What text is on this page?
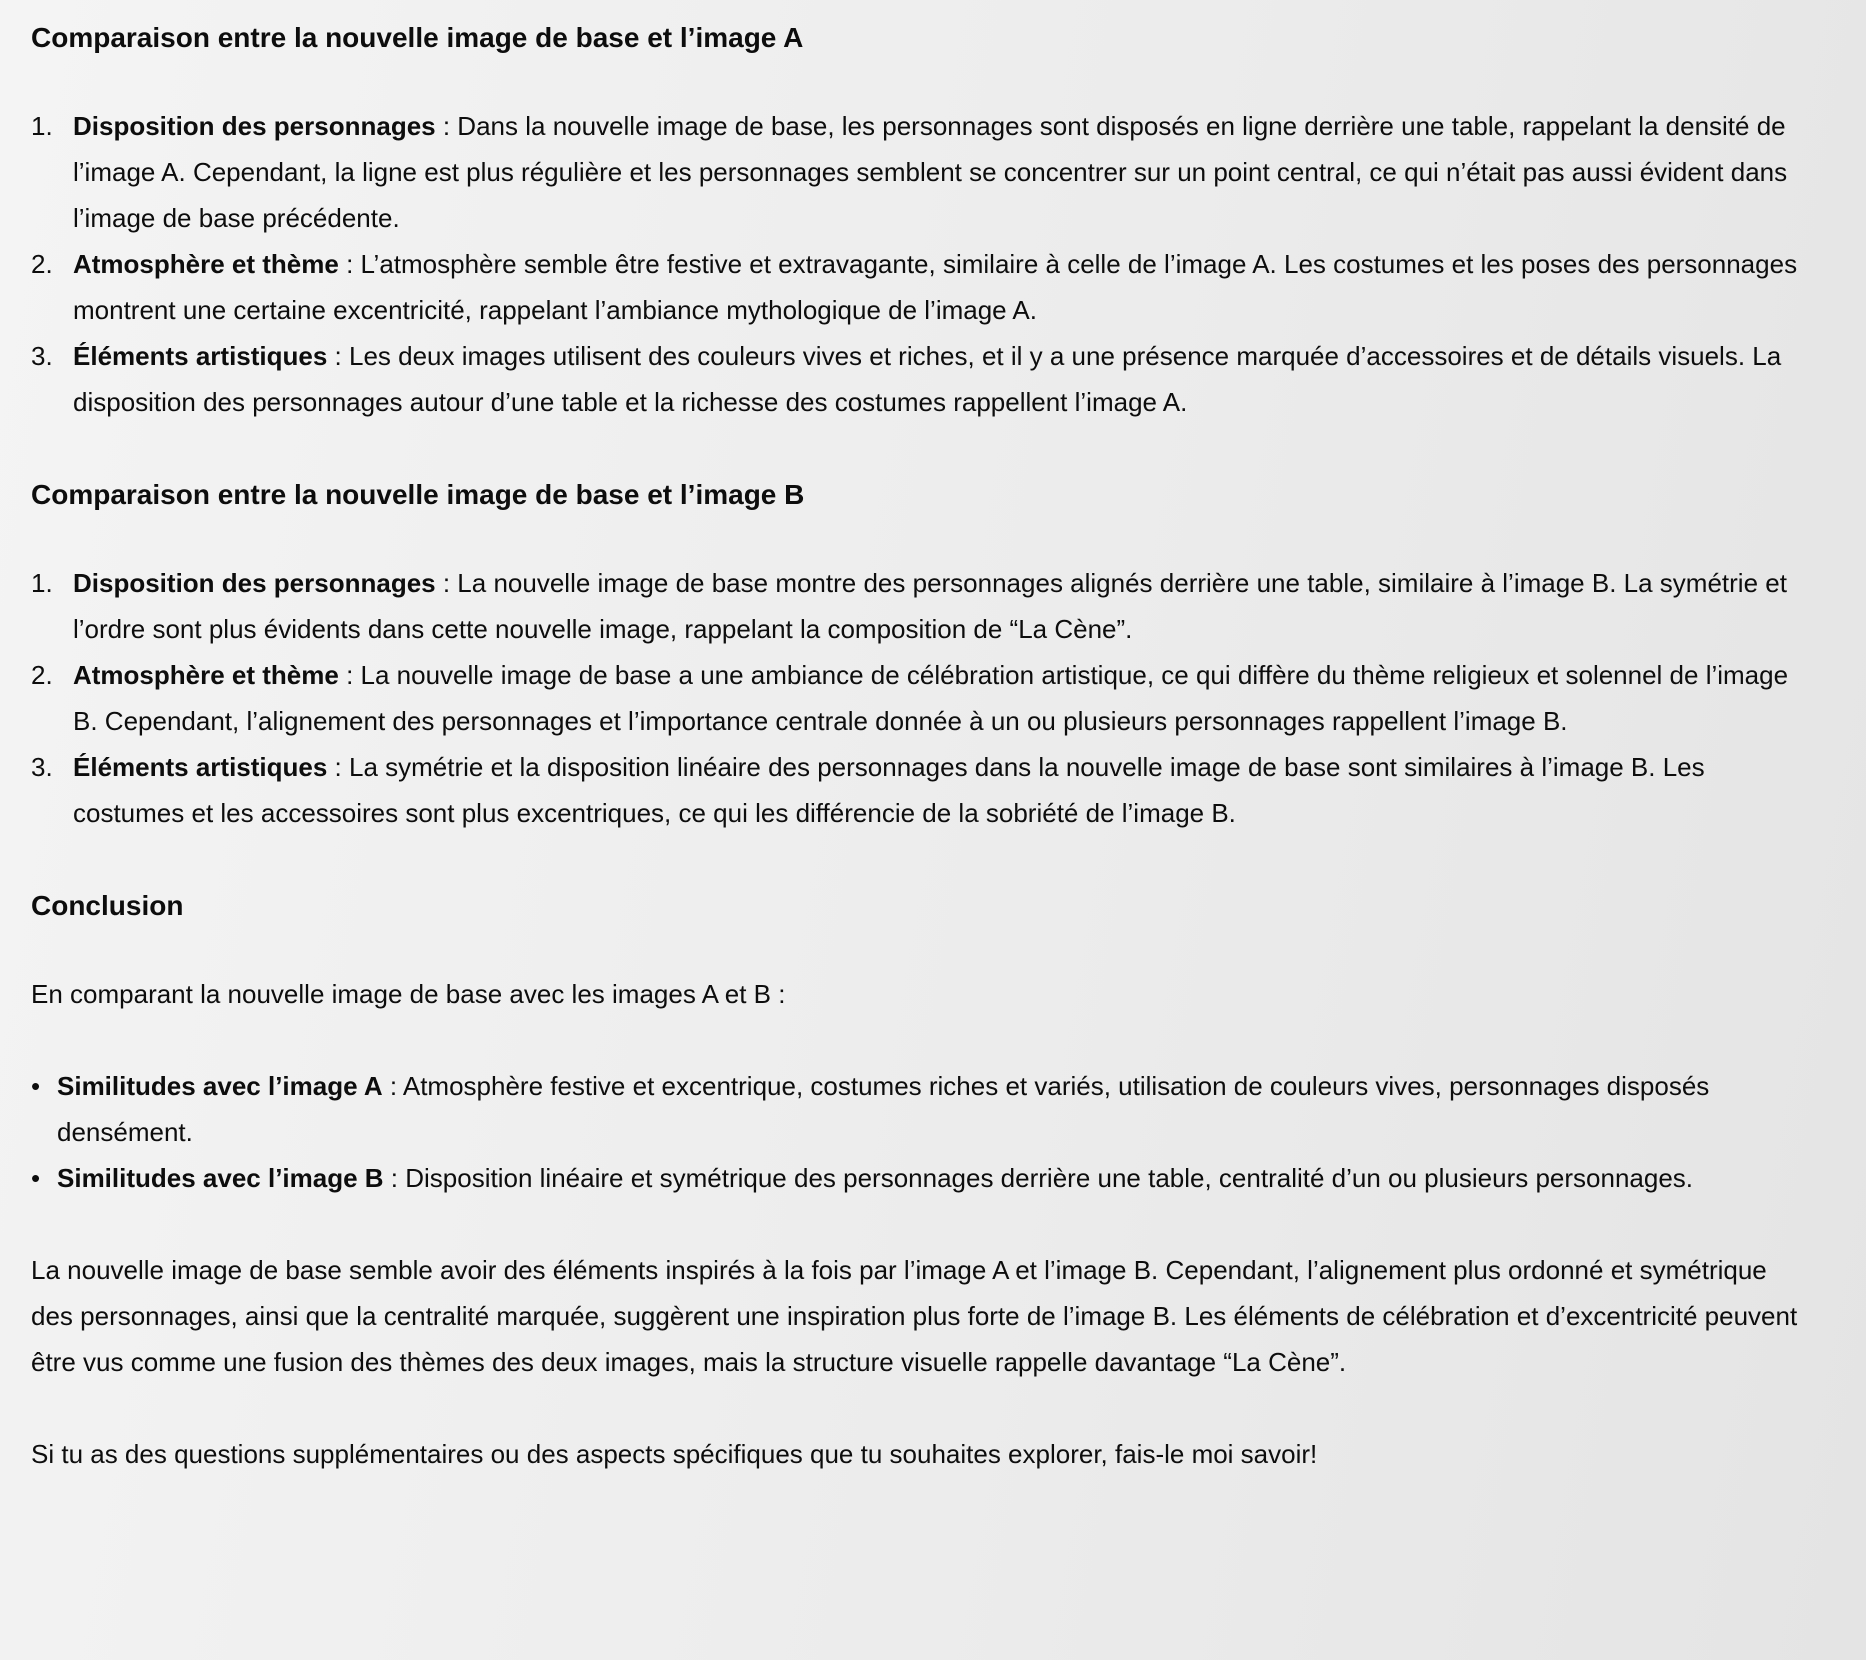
Comparaison entre la nouvelle image de base et l’image A
1. Disposition des personnages : Dans la nouvelle image de base, les personnages sont disposés en ligne derrière une table, rappelant la densité de l’image A. Cependant, la ligne est plus régulière et les personnages semblent se concentrer sur un point central, ce qui n’était pas aussi évident dans l’image de base précédente.
2. Atmosphère et thème : L’atmosphère semble être festive et extravagante, similaire à celle de l’image A. Les costumes et les poses des personnages montrent une certaine excentricité, rappelant l’ambiance mythologique de l’image A.
3. Éléments artistiques : Les deux images utilisent des couleurs vives et riches, et il y a une présence marquée d’accessoires et de détails visuels. La disposition des personnages autour d’une table et la richesse des costumes rappellent l’image A.
Comparaison entre la nouvelle image de base et l’image B
1. Disposition des personnages : La nouvelle image de base montre des personnages alignés derrière une table, similaire à l’image B. La symétrie et l’ordre sont plus évidents dans cette nouvelle image, rappelant la composition de “La Cène”.
2. Atmosphère et thème : La nouvelle image de base a une ambiance de célébration artistique, ce qui diffère du thème religieux et solennel de l’image B. Cependant, l’alignement des personnages et l’importance centrale donnée à un ou plusieurs personnages rappellent l’image B.
3. Éléments artistiques : La symétrie et la disposition linéaire des personnages dans la nouvelle image de base sont similaires à l’image B. Les costumes et les accessoires sont plus excentriques, ce qui les différencie de la sobriété de l’image B.
Conclusion

En comparant la nouvelle image de base avec les images A et B :

• Similitudes avec l’image A : Atmosphère festive et excentrique, costumes riches et variés, utilisation de couleurs vives, personnages disposés densément.
• Similitudes avec l’image B : Disposition linéaire et symétrique des personnages derrière une table, centralité d’un ou plusieurs personnages.

La nouvelle image de base semble avoir des éléments inspirés à la fois par l’image A et l’image B. Cependant, l’alignement plus ordonné et symétrique des personnages, ainsi que la centralité marquée, suggèrent une inspiration plus forte de l’image B. Les éléments de célébration et d’excentricité peuvent être vus comme une fusion des thèmes des deux images, mais la structure visuelle rappelle davantage “La Cène”.

Si tu as des questions supplémentaires ou des aspects spécifiques que tu souhaites explorer, fais-le moi savoir!
